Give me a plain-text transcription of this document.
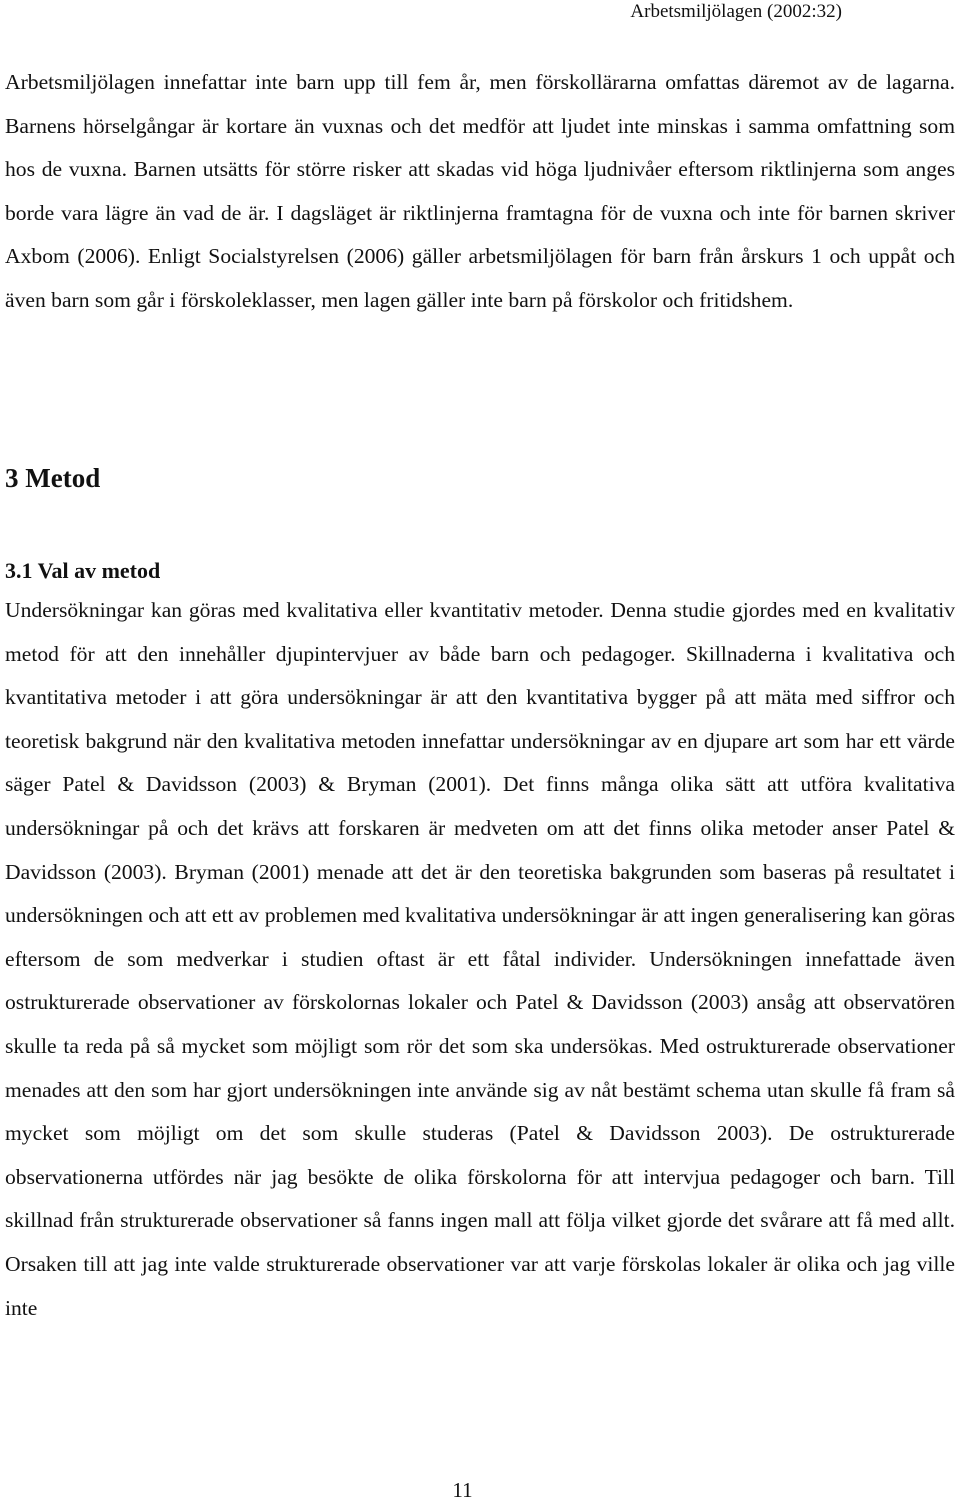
Arbetsmiljölagen (2002:32)

Arbetsmiljölagen innefattar inte barn upp till fem år, men förskollärarna omfattas däremot av de lagarna. Barnens hörselgångar är kortare än vuxnas och det medför att ljudet inte minskas i samma omfattning som hos de vuxna. Barnen utsätts för större risker att skadas vid höga ljudnivåer eftersom riktlinjerna som anges borde vara lägre än vad de är. I dagsläget är riktlinjerna framtagna för de vuxna och inte för barnen skriver Axbom (2006). Enligt Socialstyrelsen (2006) gäller arbetsmiljölagen för barn från årskurs 1 och uppåt och även barn som går i förskoleklasser, men lagen gäller inte barn på förskolor och fritidshem.

3 Metod
3.1 Val av metod

Undersökningar kan göras med kvalitativa eller kvantitativ metoder. Denna studie gjordes med en kvalitativ metod för att den innehåller djupintervjuer av både barn och pedagoger. Skillnaderna i kvalitativa och kvantitativa metoder i att göra undersökningar är att den kvantitativa bygger på att mäta med siffror och teoretisk bakgrund när den kvalitativa metoden innefattar undersökningar av en djupare art som har ett värde säger Patel & Davidsson (2003) & Bryman (2001). Det finns många olika sätt att utföra kvalitativa undersökningar på och det krävs att forskaren är medveten om att det finns olika metoder anser Patel & Davidsson (2003). Bryman (2001) menade att det är den teoretiska bakgrunden som baseras på resultatet i undersökningen och att ett av problemen med kvalitativa undersökningar är att ingen generalisering kan göras eftersom de som medverkar i studien oftast är ett fåtal individer. Undersökningen innefattade även ostrukturerade observationer av förskolornas lokaler och Patel & Davidsson (2003) ansåg att observatören skulle ta reda på så mycket som möjligt som rör det som ska undersökas. Med ostrukturerade observationer menades att den som har gjort undersökningen inte använde sig av nåt bestämt schema utan skulle få fram så mycket som möjligt om det som skulle studeras (Patel & Davidsson 2003). De ostrukturerade observationerna utfördes när jag besökte de olika förskolorna för att intervjua pedagoger och barn. Till skillnad från strukturerade observationer så fanns ingen mall att följa vilket gjorde det svårare att få med allt. Orsaken till att jag inte valde strukturerade observationer var att varje förskolas lokaler är olika och jag ville inte

11
